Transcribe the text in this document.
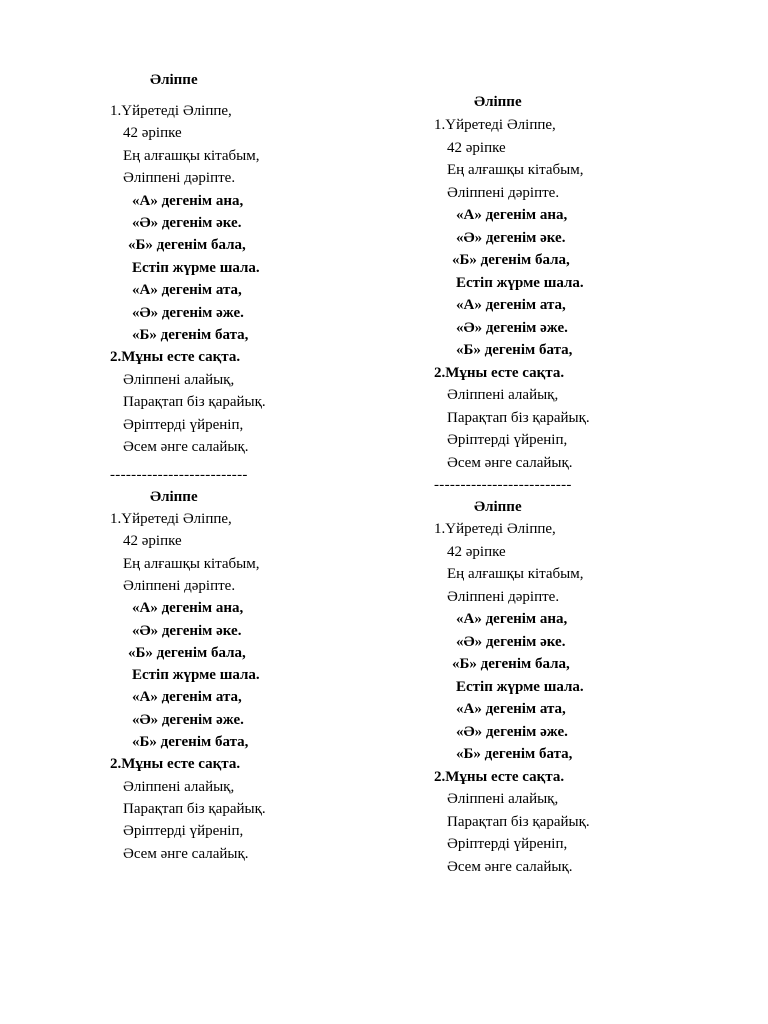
Әліппе
1.Үйретеді Әліппе,
42 әріпке
Ең алғашқы кітабым,
Әліппені дәріпте.
«А» дегенім ана,
«Ә» дегенім әке.
«Б» дегенім бала,
Естіп жүрме шала.
«А» дегенім ата,
«Ә» дегенім әже.
«Б» дегенім бата,
2.Мұны есте сақта.
Әліппені алайық,
Парақтап біз қарайық.
Әріптерді үйреніп,
Әсем әнге салайық.
--------------------------
Әліппе
1.Үйретеді Әліппе,
42 әріпке
Ең алғашқы кітабым,
Әліппені дәріпте.
«А» дегенім ана,
«Ә» дегенім әке.
«Б» дегенім бала,
Естіп жүрме шала.
«А» дегенім ата,
«Ә» дегенім әже.
«Б» дегенім бата,
2.Мұны есте сақта.
Әліппені алайық,
Парақтап біз қарайық.
Әріптерді үйреніп,
Әсем әнге салайық.
Әліппе
1.Үйретеді Әліппе,
42 әріпке
Ең алғашқы кітабым,
Әліппені дәріпте.
«А» дегенім ана,
«Ә» дегенім әке.
«Б» дегенім бала,
Естіп жүрме шала.
«А» дегенім ата,
«Ә» дегенім әже.
«Б» дегенім бата,
2.Мұны есте сақта.
Әліппені алайық,
Парақтап біз қарайық.
Әріптерді үйреніп,
Әсем әнге салайық.
--------------------------
Әліппе
1.Үйретеді Әліппе,
42 әріпке
Ең алғашқы кітабым,
Әліппені дәріпте.
«А» дегенім ана,
«Ә» дегенім әке.
«Б» дегенім бала,
Естіп жүрме шала.
«А» дегенім ата,
«Ә» дегенім әже.
«Б» дегенім бата,
2.Мұны есте сақта.
Әліппені алайық,
Парақтап біз қарайық.
Әріптерді үйреніп,
Әсем әнге салайық.
